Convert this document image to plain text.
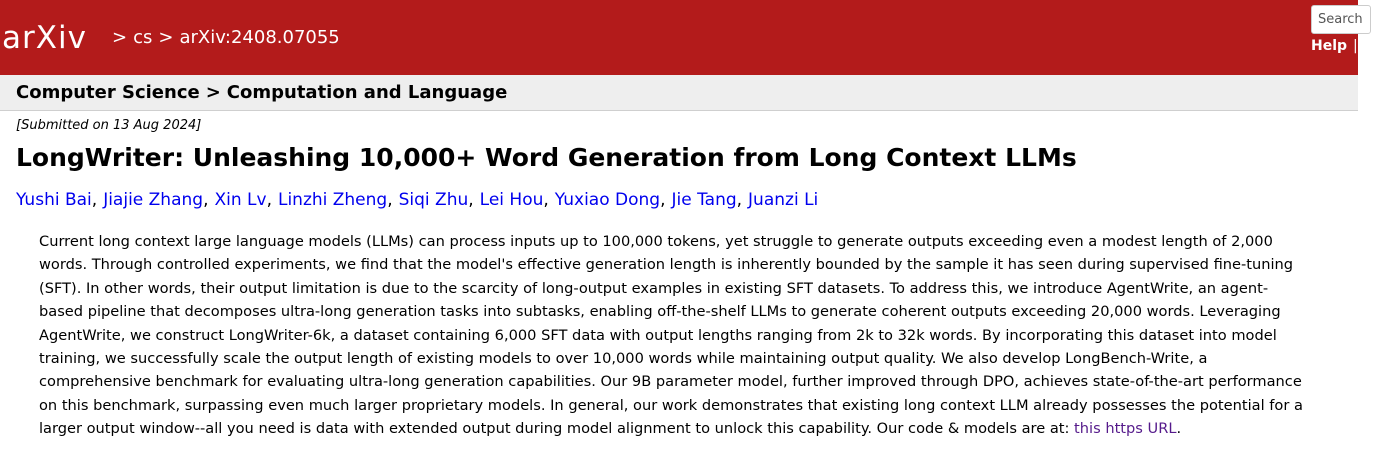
arXiv	> cs > arXiv:2408.07055
Search
Help | A
Computer Science > Computation and Language
[Submitted on 13 Aug 2024]
LongWriter: Unleashing 10,000+ Word Generation from Long Context LLMs
Yushi Bai, Jiajie Zhang, Xin Lv, Linzhi Zheng, Siqi Zhu, Lei Hou, Yuxiao Dong, Jie Tang, Juanzi Li
Current long context large language models (LLMs) can process inputs up to 100,000 tokens, yet struggle to generate outputs exceeding even a modest length of 2,000
words. Through controlled experiments, we find that the model's effective generation length is inherently bounded by the sample it has seen during supervised fine-tuning
(SFT). In other words, their output limitation is due to the scarcity of long-output examples in existing SFT datasets. To address this, we introduce AgentWrite, an agent-
based pipeline that decomposes ultra-long generation tasks into subtasks, enabling off-the-shelf LLMs to generate coherent outputs exceeding 20,000 words. Leveraging
AgentWrite, we construct LongWriter-6k, a dataset containing 6,000 SFT data with output lengths ranging from 2k to 32k words. By incorporating this dataset into model
training, we successfully scale the output length of existing models to over 10,000 words while maintaining output quality. We also develop LongBench-Write, a
comprehensive benchmark for evaluating ultra-long generation capabilities. Our 9B parameter model, further improved through DPO, achieves state-of-the-art performance
on this benchmark, surpassing even much larger proprietary models. In general, our work demonstrates that existing long context LLM already possesses the potential for a
larger output window--all you need is data with extended output during model alignment to unlock this capability. Our code & models are at: this https URL.
